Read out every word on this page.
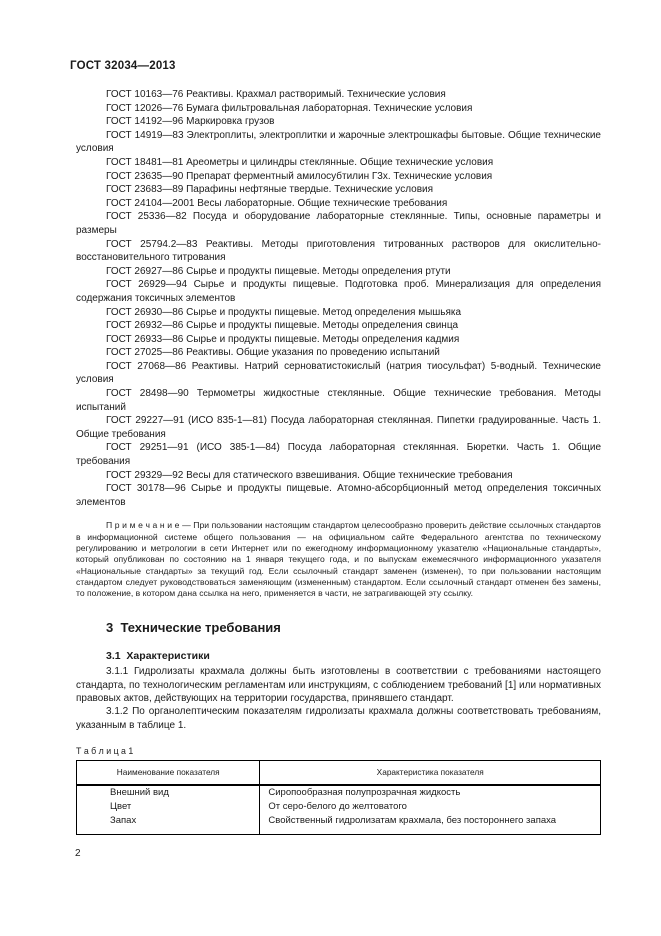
ГОСТ 32034—2013

ГОСТ 10163—76 Реактивы. Крахмал растворимый. Технические условия

ГОСТ 12026—76 Бумага фильтровальная лабораторная. Технические условия

ГОСТ 14192—96 Маркировка грузов

ГОСТ 14919—83 Электроплиты, электроплитки и жарочные электрошкафы бытовые. Общие технические условия

ГОСТ 18481—81 Ареометры и цилиндры стеклянные. Общие технические условия

ГОСТ 23635—90 Препарат ферментный амилосубтилин Г3х. Технические условия

ГОСТ 23683—89 Парафины нефтяные твердые. Технические условия

ГОСТ 24104—2001 Весы лабораторные. Общие технические требования

ГОСТ 25336—82 Посуда и оборудование лабораторные стеклянные. Типы, основные параметры и размеры

ГОСТ 25794.2—83 Реактивы. Методы приготовления титрованных растворов для окислительно-восстановительного титрования

ГОСТ 26927—86 Сырье и продукты пищевые. Методы определения ртути

ГОСТ 26929—94 Сырье и продукты пищевые. Подготовка проб. Минерализация для определения содержания токсичных элементов

ГОСТ 26930—86 Сырье и продукты пищевые. Метод определения мышьяка

ГОСТ 26932—86 Сырье и продукты пищевые. Методы определения свинца

ГОСТ 26933—86 Сырье и продукты пищевые. Методы определения кадмия

ГОСТ 27025—86 Реактивы. Общие указания по проведению испытаний

ГОСТ 27068—86 Реактивы. Натрий серноватистокислый (натрия тиосульфат) 5-водный. Технические условия

ГОСТ 28498—90 Термометры жидкостные стеклянные. Общие технические требования. Методы испытаний

ГОСТ 29227—91 (ИСО 835-1—81) Посуда лабораторная стеклянная. Пипетки градуированные. Часть 1. Общие требования

ГОСТ 29251—91 (ИСО 385-1—84) Посуда лабораторная стеклянная. Бюретки. Часть 1. Общие требования

ГОСТ 29329—92 Весы для статического взвешивания. Общие технические требования

ГОСТ 30178—96 Сырье и продукты пищевые. Атомно-абсорбционный метод определения токсичных элементов

П р и м е ч а н и е — При пользовании настоящим стандартом целесообразно проверить действие ссылочных стандартов в информационной системе общего пользования — на официальном сайте Федерального агентства по техническому регулированию и метрологии в сети Интернет или по ежегодному информационному указателю «Национальные стандарты», который опубликован по состоянию на 1 января текущего года, и по выпускам ежемесячного информационного указателя «Национальные стандарты» за текущий год. Если ссылочный стандарт заменен (изменен), то при пользовании настоящим стандартом следует руководствоваться заменяющим (измененным) стандартом. Если ссылочный стандарт отменен без замены, то положение, в котором дана ссылка на него, применяется в части, не затрагивающей эту ссылку.

3  Технические требования
3.1  Характеристики

3.1.1 Гидролизаты крахмала должны быть изготовлены в соответствии с требованиями настоящего стандарта, по технологическим регламентам или инструкциям, с соблюдением требований [1] или нормативных правовых актов, действующих на территории государства, принявшего стандарт.

3.1.2 По органолептическим показателям гидролизаты крахмала должны соответствовать требованиям, указанным в таблице 1.

Т а б л и ц а 1
Наименование показателя	Характеристика показателя
Внешний вид	Сиропообразная полупрозрачная жидкость
Цвет	От серо-белого до желтоватого
Запах	Свойственный гидролизатам крахмала, без постороннего запаха
2
